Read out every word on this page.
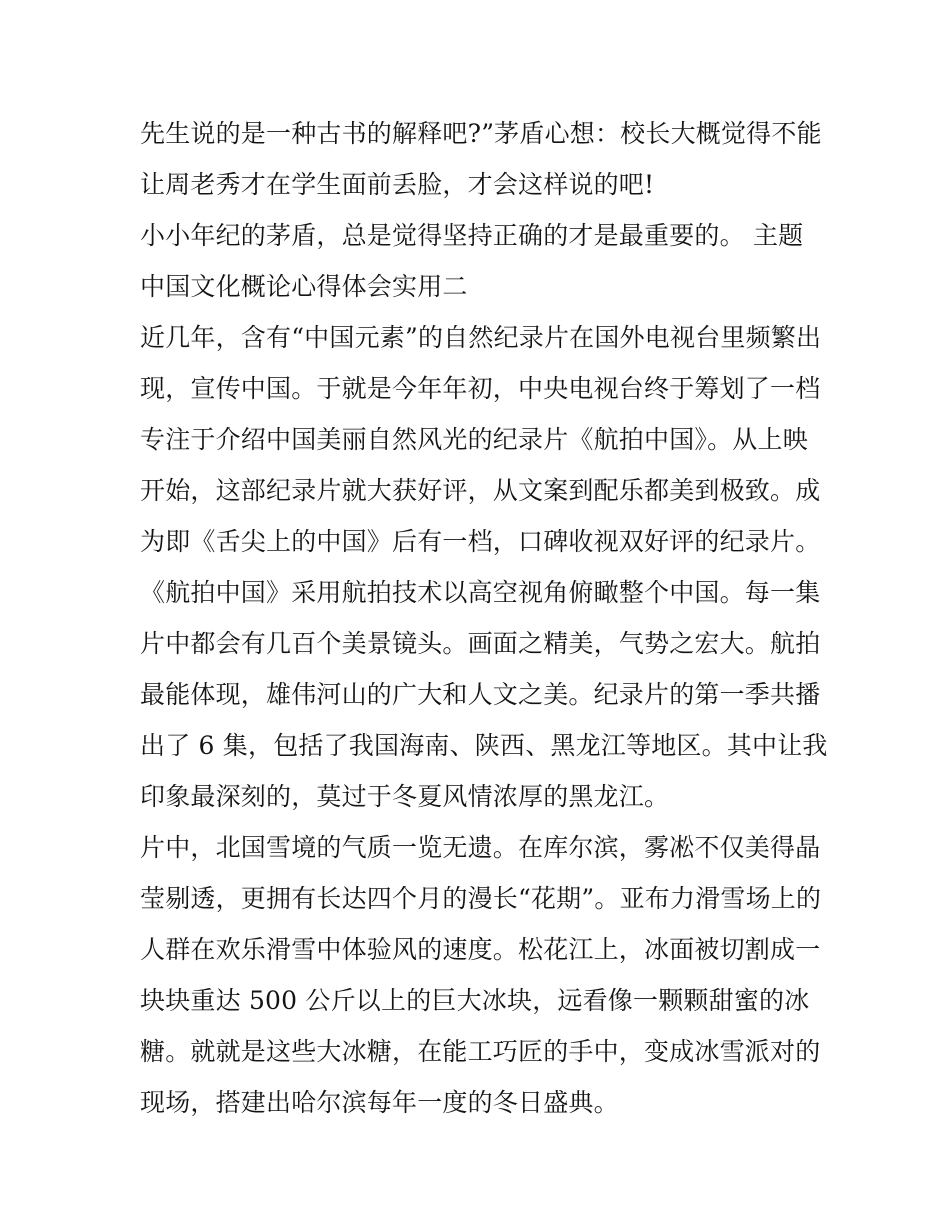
先生说的是一种古书的解释吧?”茅盾心想：校长大概觉得不能
让周老秀才在学生面前丢脸，才会这样说的吧!
小小年纪的茅盾，总是觉得坚持正确的才是最重要的。 主题
中国文化概论心得体会实用二
近几年，含有“中国元素”的自然纪录片在国外电视台里频繁出
现，宣传中国。于就是今年年初，中央电视台终于筹划了一档
专注于介绍中国美丽自然风光的纪录片《航拍中国》。从上映
开始，这部纪录片就大获好评，从文案到配乐都美到极致。成
为即《舌尖上的中国》后有一档，口碑收视双好评的纪录片。
《航拍中国》采用航拍技术以高空视角俯瞰整个中国。每一集
片中都会有几百个美景镜头。画面之精美，气势之宏大。航拍
最能体现，雄伟河山的广大和人文之美。纪录片的第一季共播
出了 6 集，包括了我国海南、陕西、黑龙江等地区。其中让我
印象最深刻的，莫过于冬夏风情浓厚的黑龙江。
片中，北国雪境的气质一览无遗。在库尔滨，雾凇不仅美得晶
莹剔透，更拥有长达四个月的漫长“花期”。亚布力滑雪场上的
人群在欢乐滑雪中体验风的速度。松花江上，冰面被切割成一
块块重达 500 公斤以上的巨大冰块，远看像一颗颗甜蜜的冰
糖。就就是这些大冰糖，在能工巧匠的手中，变成冰雪派对的
现场，搭建出哈尔滨每年一度的冬日盛典。
